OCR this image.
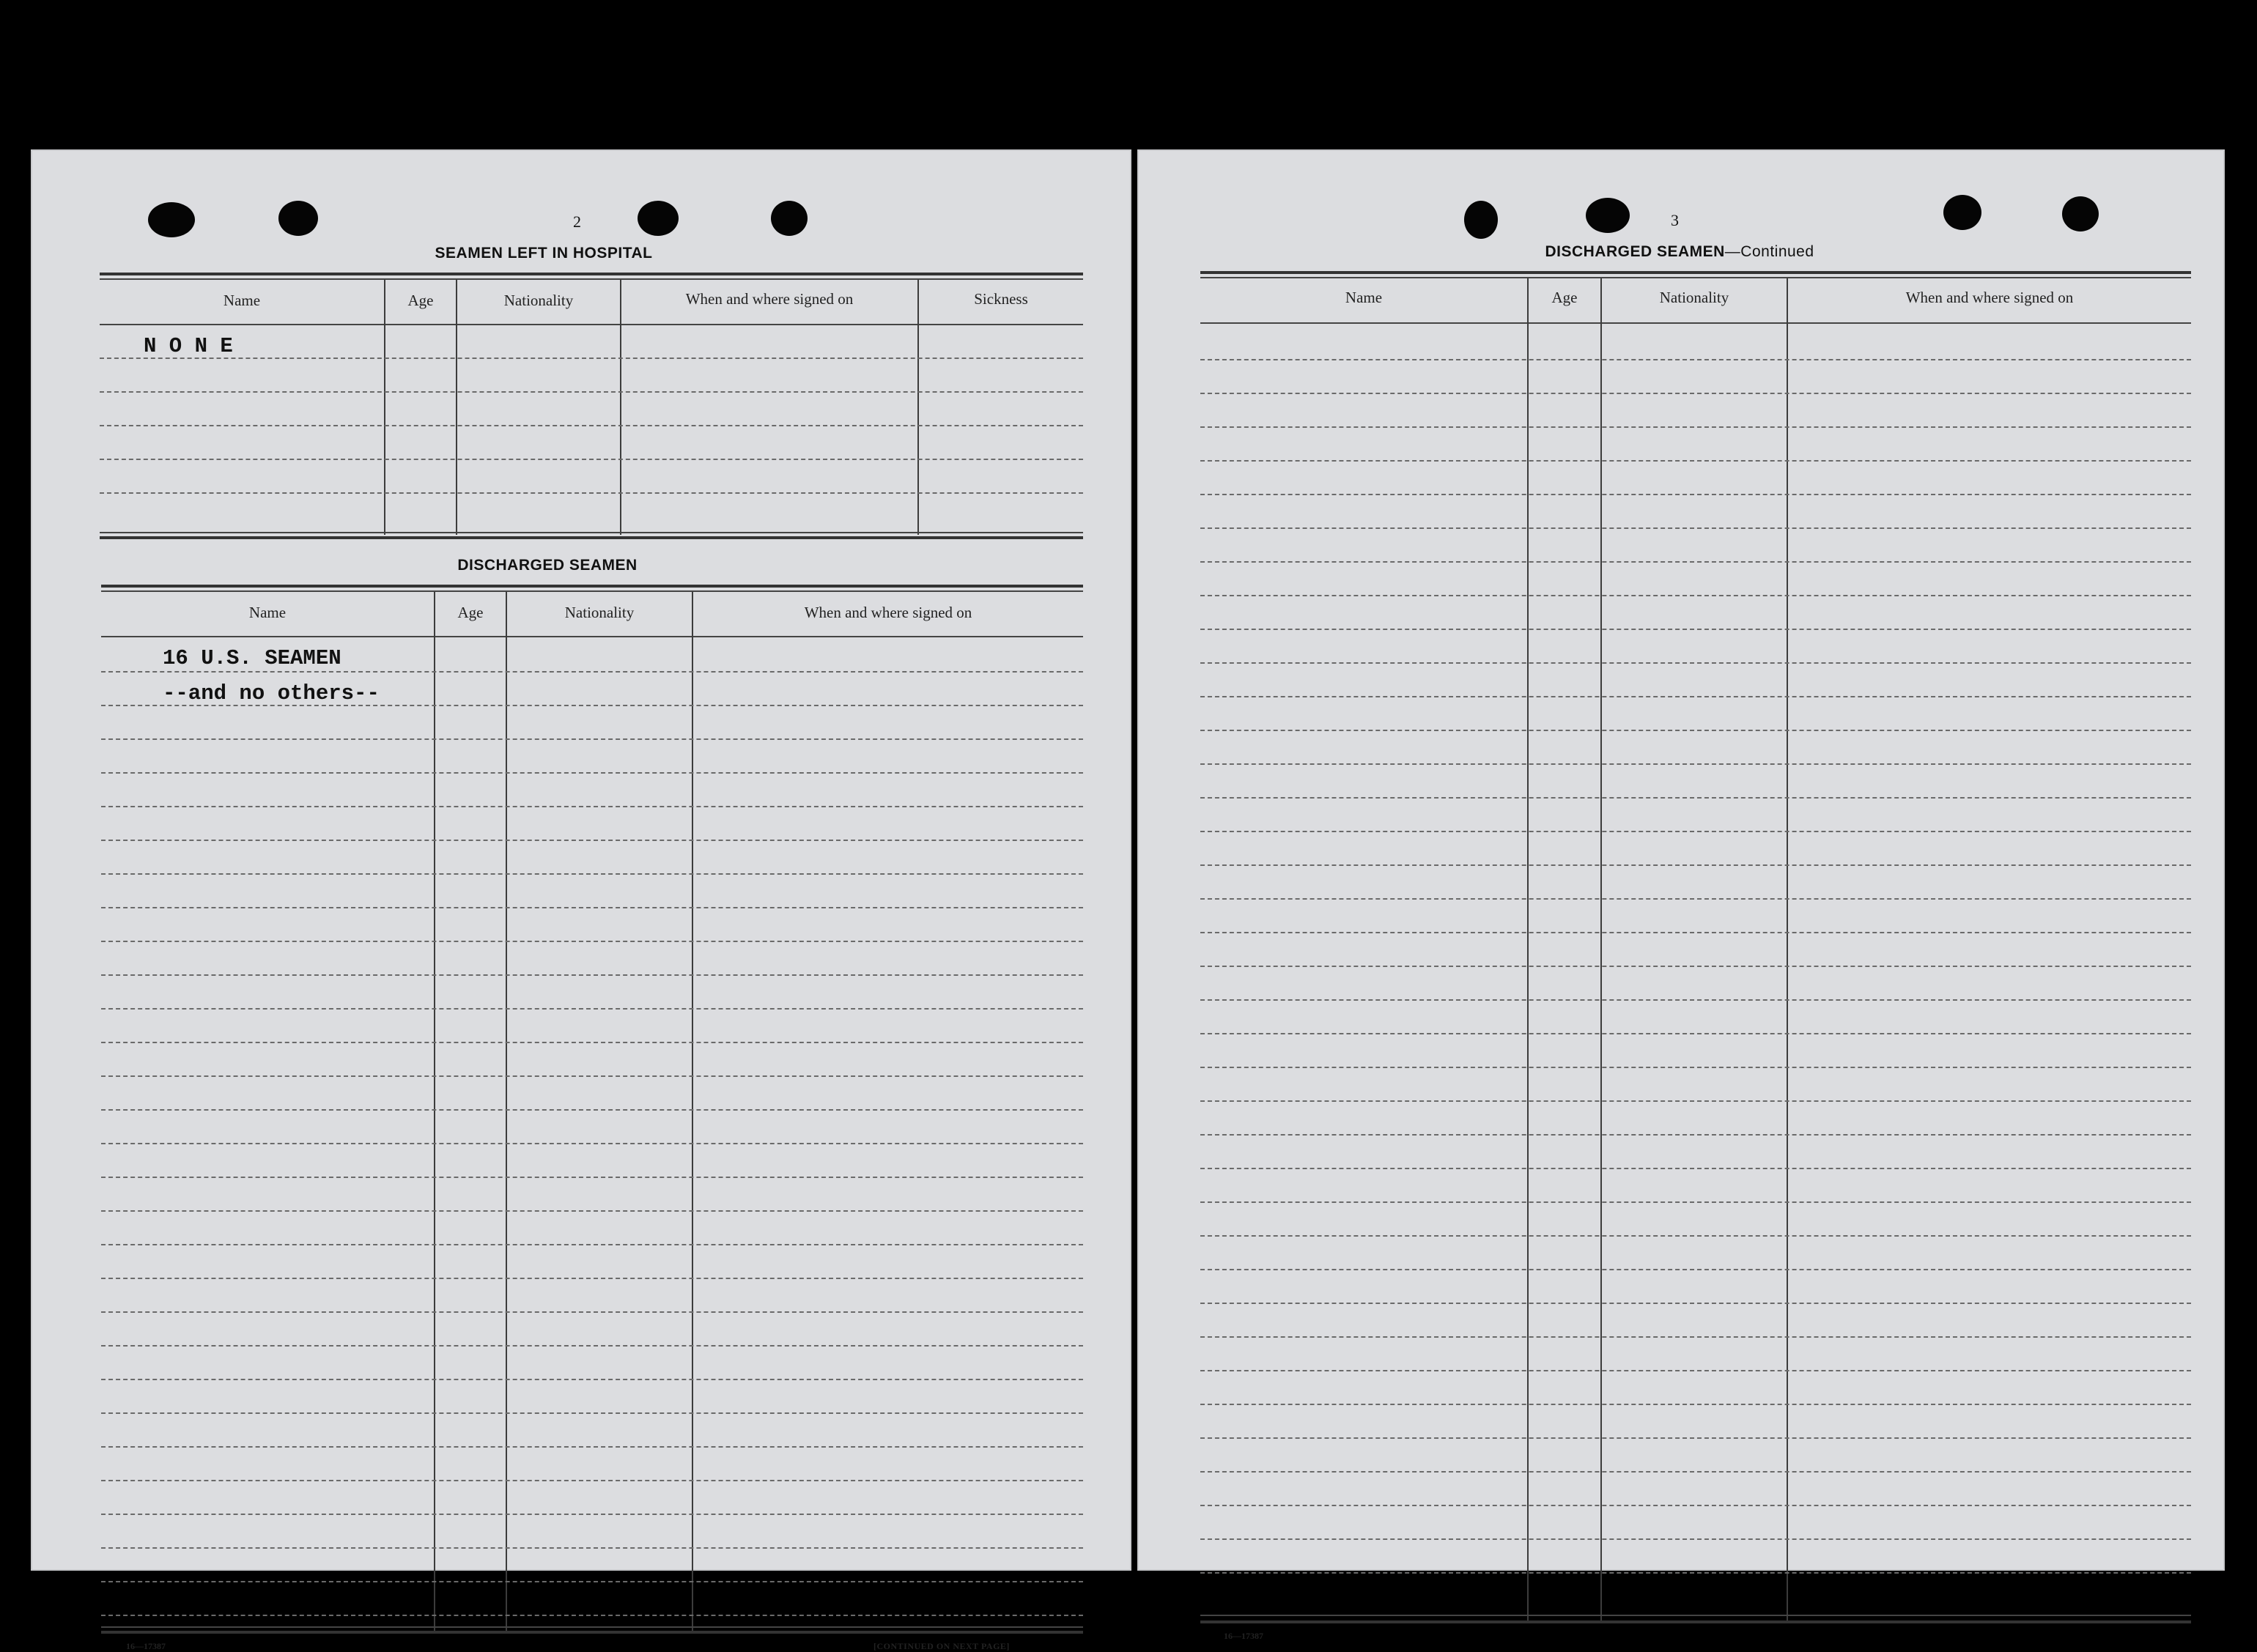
2
SEAMEN LEFT IN HOSPITAL
Name	Age	Nationality	When and where signed on	Sickness
N O N E
DISCHARGED SEAMEN
Name	Age	Nationality	When and where signed on
16 U.S. SEAMEN
--and no others--
16—17387	[CONTINUED ON NEXT PAGE]
3
DISCHARGED SEAMEN—Continued
Name	Age	Nationality	When and where signed on
16—17387
